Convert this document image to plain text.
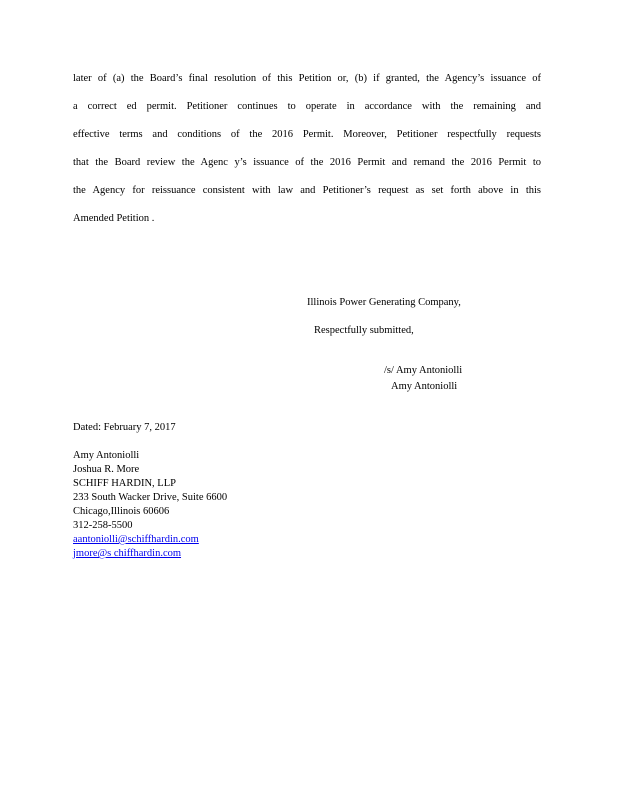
later of (a) the Board’s final resolution of this Petition or, (b) if granted, the Agency’s issuance of
a correct ed permit. Petitioner continues to operate in accordance with the remaining and
effective terms and conditions of the 2016 Permit. Moreover, Petitioner respectfully requests
that the Board review the Agenc y’s issuance of the 2016 Permit and remand the 2016 Permit to
the Agency for reissuance consistent with law and Petitioner’s request as set forth above in this
Amended Petition .
Illinois Power Generating Company,
Respectfully submitted,
/s/ Amy Antoniolli
Amy Antoniolli
Dated: February 7, 2017
Amy Antoniolli
Joshua R. More
SCHIFF HARDIN, LLP
233 South Wacker Drive, Suite 6600
Chicago,Illinois 60606
312-258-5500
aantoniolli@schiffhardin.com
jmore@s chiffhardin.com
